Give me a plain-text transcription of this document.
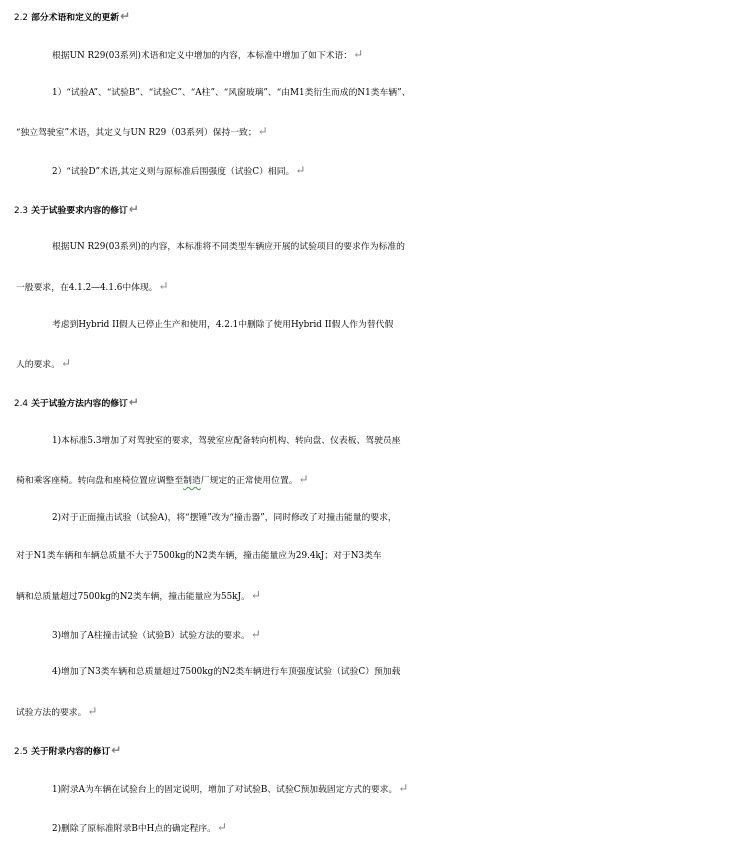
2.2 部分术语和定义的更新↵
根据UN R29(03系列)术语和定义中增加的内容，本标准中增加了如下术语：↵
1）“试验A”、“试验B”、“试验C”、“A柱”、“风窗玻璃”、“由M1类衍生而成的N1类车辆”、
“独立驾驶室”术语，其定义与UN R29（03系列）保持一致；↵
2）“试验D”术语,其定义则与原标准后围强度（试验C）相同。↵
2.3 关于试验要求内容的修订↵
根据UN R29(03系列)的内容，本标准将不同类型车辆应开展的试验项目的要求作为标准的
一般要求，在4.1.2—4.1.6中体现。↵
考虑到Hybrid II假人已停止生产和使用，4.2.1中删除了使用Hybrid II假人作为替代假
人的要求。↵
2.4 关于试验方法内容的修订↵
1)本标准5.3增加了对驾驶室的要求，驾驶室应配备转向机构、转向盘、仪表板、驾驶员座
椅和乘客座椅。转向盘和座椅位置应调整至制造厂规定的正常使用位置。↵
2)对于正面撞击试验（试验A)，将“摆锤”改为“撞击器”，同时修改了对撞击能量的要求，
对于N1类车辆和车辆总质量不大于7500kg的N2类车辆，撞击能量应为29.4kJ；对于N3类车
辆和总质量超过7500kg的N2类车辆，撞击能量应为55kJ。↵
3)增加了A柱撞击试验（试验B）试验方法的要求。↵
4)增加了N3类车辆和总质量超过7500kg的N2类车辆进行车顶强度试验（试验C）预加载
试验方法的要求。↵
2.5 关于附录内容的修订↵
1)附录A为车辆在试验台上的固定说明，增加了对试验B、试验C预加载固定方式的要求。↵
2)删除了原标准附录B中H点的确定程序。↵
